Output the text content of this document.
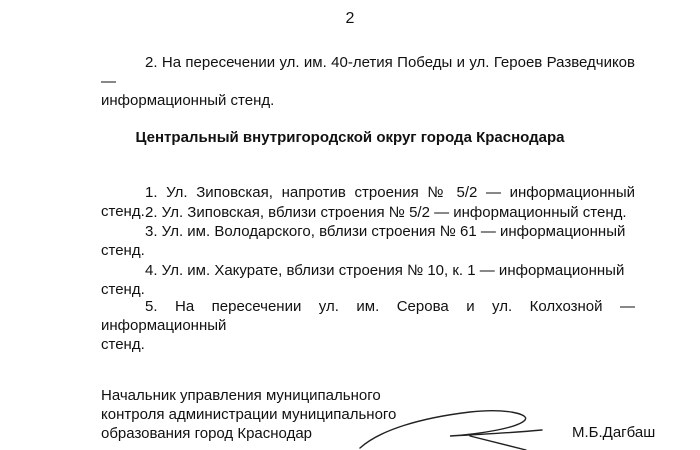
2
2. На пересечении ул. им. 40-летия Победы и ул. Героев Разведчиков —
информационный стенд.
Центральный внутригородской округ города Краснодара
1. Ул. Зиповская, напротив строения № 5/2 — информационный стенд. 2. Ул. Зиповская, вблизи строения № 5/2 — информационный стенд.
3. Ул. им. Володарского, вблизи строения № 61 — информационный
стенд.
4. Ул. им. Хакурате, вблизи строения № 10, к. 1 — информационный
стенд.
5. На пересечении ул. им. Серова и ул. Колхозной — информационный
стенд.
Начальник управления муниципального
контроля администрации муниципального
образования город Краснодар	М.Б.Дагбаш
